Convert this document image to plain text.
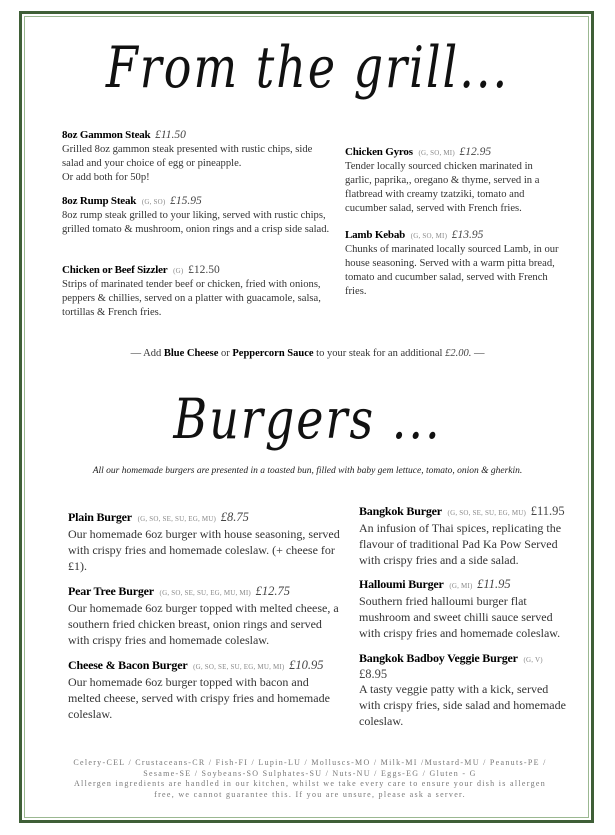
From the grill...
8oz Gammon Steak £11.50
Grilled 8oz gammon steak presented with rustic chips, side salad and your choice of egg or pineapple.
Or add both for 50p!
8oz Rump Steak (G, SO) £15.95
8oz rump steak grilled to your liking, served with rustic chips, grilled tomato & mushroom, onion rings and a crisp side salad.
Chicken or Beef Sizzler (G) £12.50
Strips of marinated tender beef or chicken, fried with onions, peppers & chillies, served on a platter with guacamole, salsa, tortillas & French fries.
Chicken Gyros (G, SO, MI) £12.95
Tender locally sourced chicken marinated in garlic, paprika,, oregano & thyme, served in a flatbread with creamy tzatziki, tomato and cucumber salad, served with French fries.
Lamb Kebab (G, SO, MI) £13.95
Chunks of marinated locally sourced Lamb, in our house seasoning. Served with a warm pitta bread, tomato and cucumber salad, served with French fries.
— Add Blue Cheese or Peppercorn Sauce to your steak for an additional £2.00. —
Burgers ...
All our homemade burgers are presented in a toasted bun, filled with baby gem lettuce, tomato, onion & gherkin.
Plain Burger (G, SO, SE, SU, EG, MU) £8.75
Our homemade 6oz burger with house seasoning, served with crispy fries and homemade coleslaw. (+ cheese for £1).
Pear Tree Burger (G, SO, SE, SU, EG, MU, MI) £12.75
Our homemade 6oz burger topped with melted cheese, a southern fried chicken breast, onion rings and served with crispy fries and homemade coleslaw.
Cheese & Bacon Burger (G, SO, SE, SU, EG, MU, MI) £10.95
Our homemade 6oz burger topped with bacon and melted cheese, served with crispy fries and homemade coleslaw.
Bangkok Burger (G, SO, SE, SU, EG, MU) £11.95
An infusion of Thai spices, replicating the flavour of traditional Pad Ka Pow Served with crispy fries and a side salad.
Halloumi Burger (G, MI) £11.95
Southern fried halloumi burger flat mushroom and sweet chilli sauce served with crispy fries and homemade coleslaw.
Bangkok Badboy Veggie Burger (G, V)
£8.95
A tasty veggie patty with a kick, served with crispy fries, side salad and homemade coleslaw.
Celery-CEL / Crustaceans-CR / Fish-FI / Lupin-LU / Molluscs-MO / Milk-MI /Mustard-MU / Peanuts-PE / Sesame-SE / Soybeans-SO Sulphates-SU / Nuts-NU / Eggs-EG / Gluten - G
Allergen ingredients are handled in our kitchen, whilst we take every care to ensure your dish is allergen free, we cannot guarantee this. If you are unsure, please ask a server.
